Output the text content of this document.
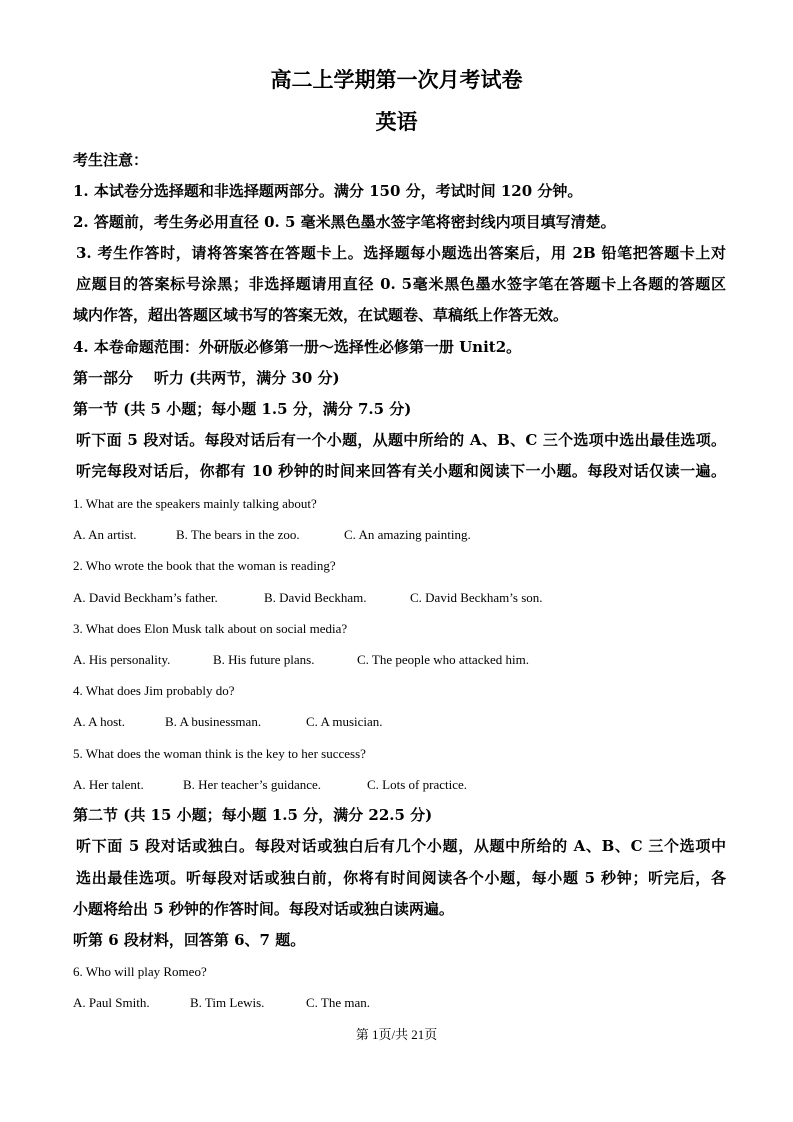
高二上学期第一次月考试卷
英语
考生注意：
1. 本试卷分选择题和非选择题两部分。满分 150 分，考试时间 120 分钟。
2. 答题前，考生务必用直径 0. 5 毫米黑色墨水签字笔将密封线内项目填写清楚。
3. 考生作答时，请将答案答在答题卡上。选择题每小题选出答案后，用 2B 铅笔把答题卡上对
应题目的答案标号涂黑；非选择题请用直径 0. 5毫米黑色墨水签字笔在答题卡上各题的答题区
域内作答，超出答题区域书写的答案无效，在试题卷、草稿纸上作答无效。
4. 本卷命题范围：外研版必修第一册～选择性必修第一册 Unit2。
第一部分    听力 (共两节，满分 30 分)
第一节 (共 5 小题；每小题 1.5 分，满分 7.5 分)
听下面 5 段对话。每段对话后有一个小题，从题中所给的 A、B、C 三个选项中选出最佳选项。
听完每段对话后，你都有 10 秒钟的时间来回答有关小题和阅读下一小题。每段对话仅读一遍。
1. What are the speakers mainly talking about?
A. An artist.	B. The bears in the zoo.	C. An amazing painting.
2. Who wrote the book that the woman is reading?
A. David Beckham’s father.	B. David Beckham.	C. David Beckham’s son.
3. What does Elon Musk talk about on social media?
A. His personality.	B. His future plans.	C. The people who attacked him.
4. What does Jim probably do?
A. A host.	B. A businessman.	C. A musician.
5. What does the woman think is the key to her success?
A. Her talent.	B. Her teacher’s guidance.	C. Lots of practice.
第二节 (共 15 小题；每小题 1.5 分，满分 22.5 分)
听下面 5 段对话或独白。每段对话或独白后有几个小题，从题中所给的 A、B、C 三个选项中
选出最佳选项。听每段对话或独白前，你将有时间阅读各个小题，每小题 5 秒钟；听完后，各
小题将给出 5 秒钟的作答时间。每段对话或独白读两遍。
听第 6 段材料，回答第 6、7 题。
6. Who will play Romeo?
A. Paul Smith.	B. Tim Lewis.	C. The man.
第 1页/共 21页
